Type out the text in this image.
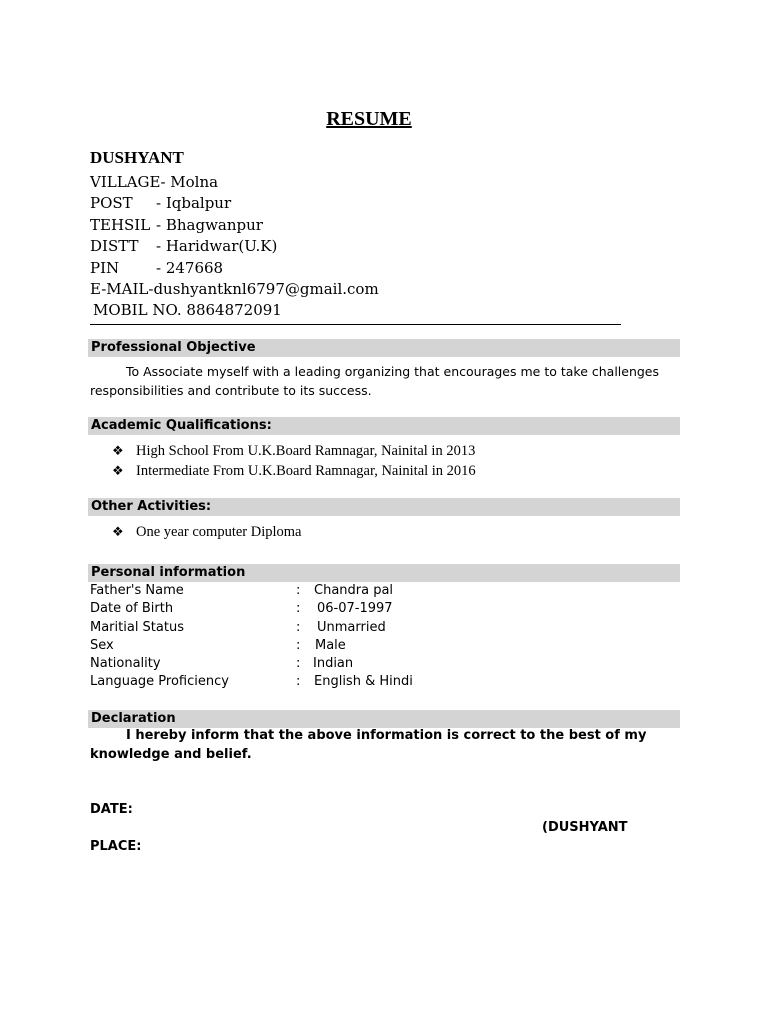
RESUME
DUSHYANT
VILLAGE - Molna
POST	- Iqbalpur
TEHSIL - Bhagwanpur
DISTT	- Haridwar(U.K)
PIN	- 247668
E-MAIL-dushyantknl6797@gmail.com
MOBIL NO. 8864872091
Professional Objective
To Associate myself with a leading organizing that encourages me to take challenges responsibilities and contribute to its success.
Academic Qualifications:
❖ High School From U.K.Board Ramnagar, Nainital in 2013
❖ Intermediate From U.K.Board Ramnagar, Nainital in 2016
Other Activities:
❖ One year computer Diploma
Personal information
Father's Name	: Chandra pal
Date of Birth	: 06-07-1997
Maritial Status	: Unmarried
Sex	: Male
Nationality	: Indian
Language Proficiency	: English & Hindi
Declaration
I hereby inform that the above information is correct to the best of my knowledge and belief.
DATE:
(DUSHYANT
PLACE:
